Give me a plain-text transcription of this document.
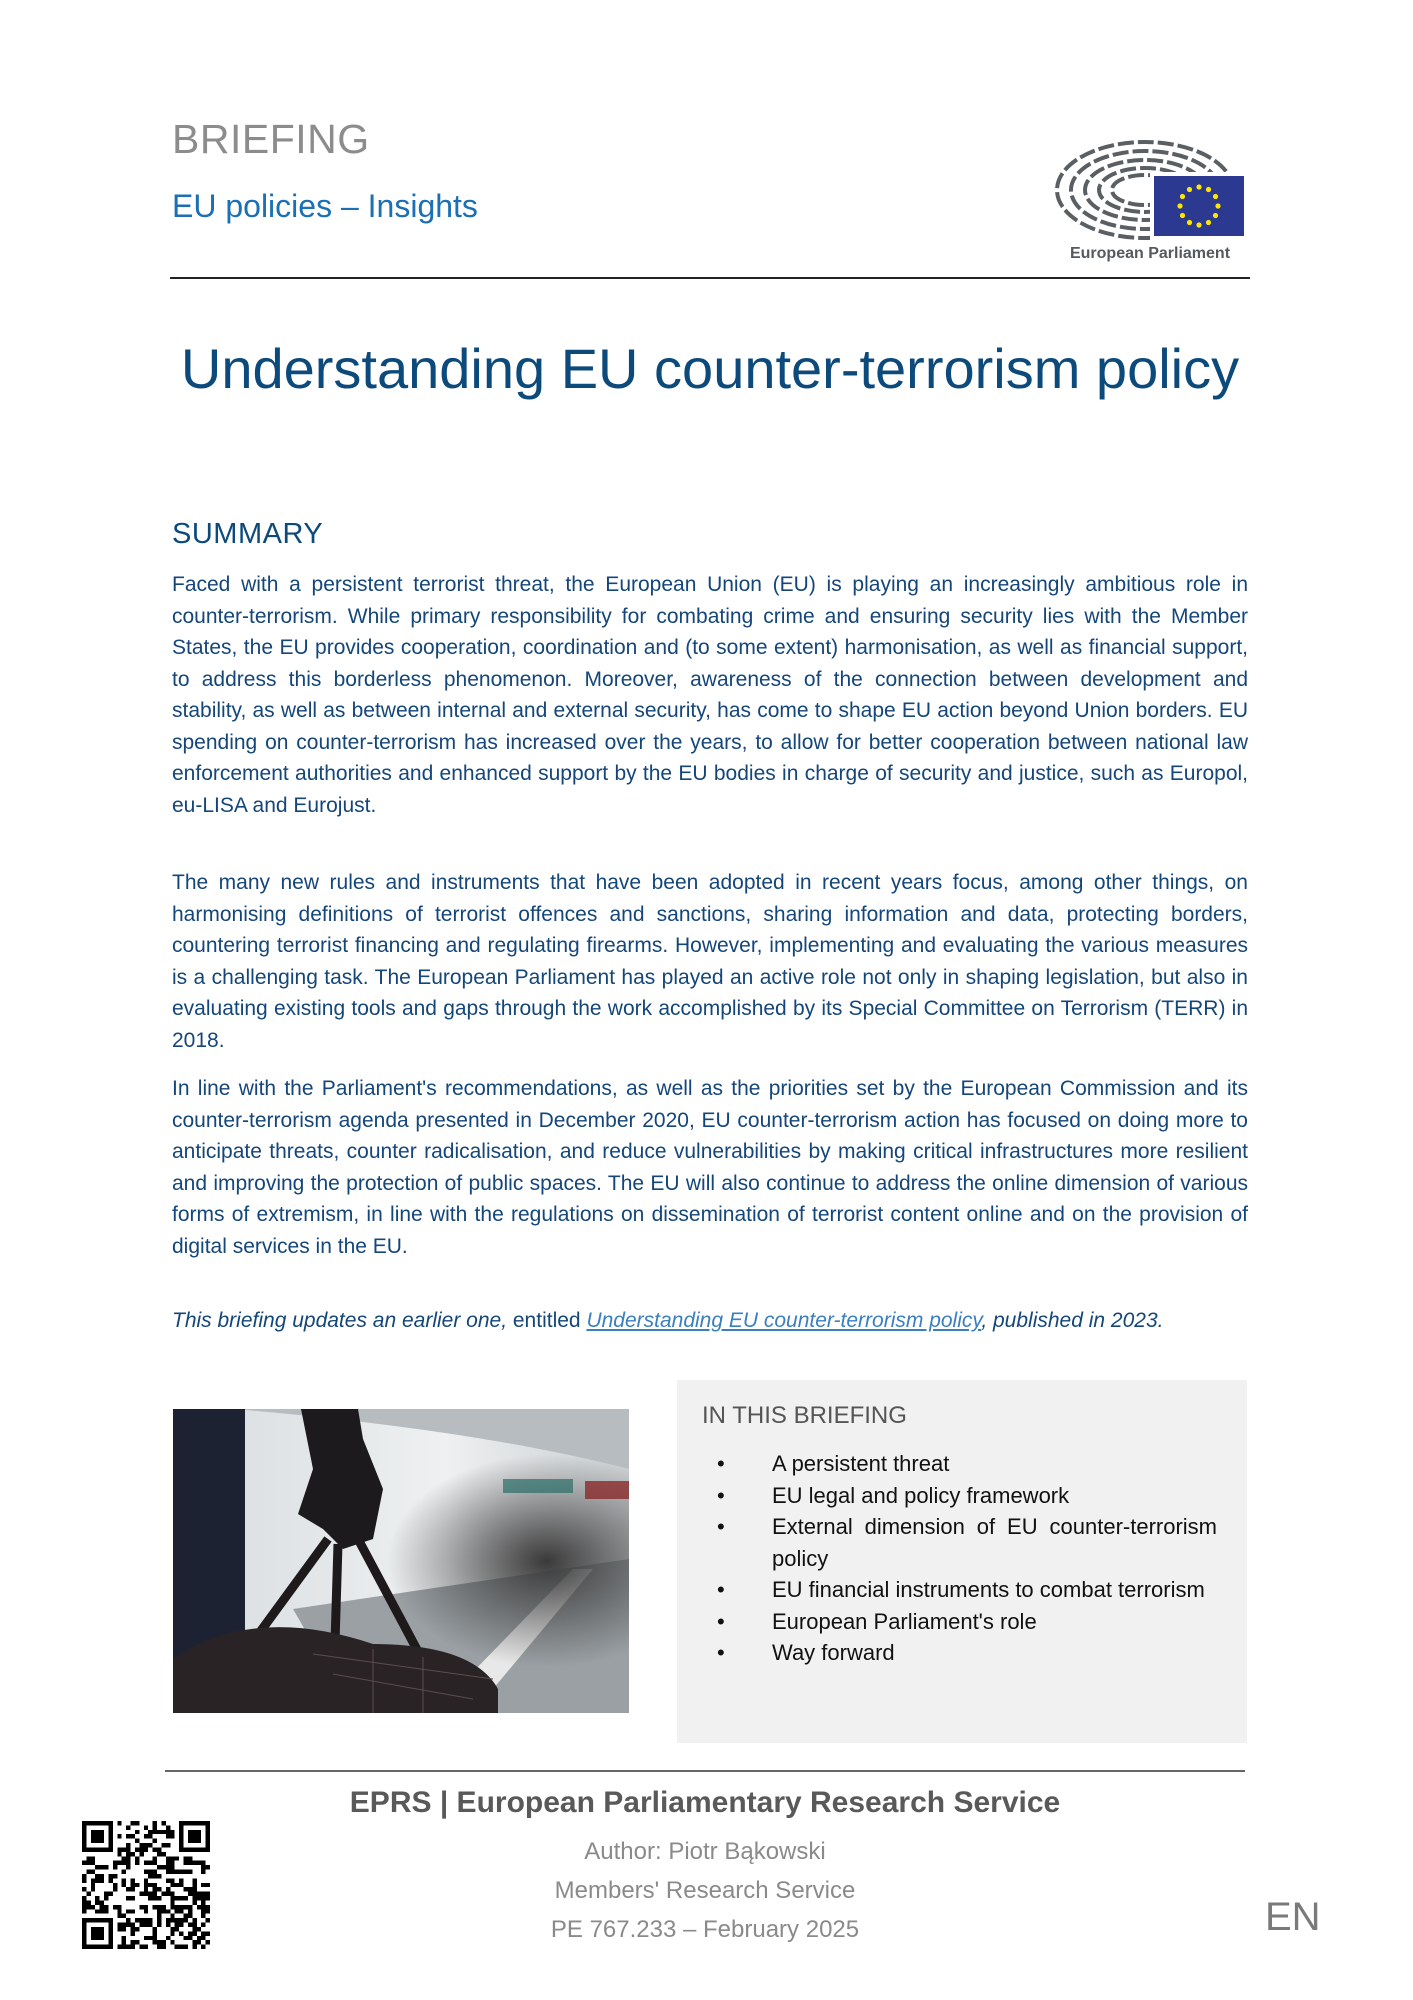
BRIEFING
EU policies – Insights
European Parliament
Understanding EU counter-terrorism policy
SUMMARY

Faced with a persistent terrorist threat, the European Union (EU) is playing an increasingly ambitious role in counter-terrorism. While primary responsibility for combating crime and ensuring security lies with the Member States, the EU provides cooperation, coordination and (to some extent) harmonisation, as well as financial support, to address this borderless phenomenon. Moreover, awareness of the connection between development and stability, as well as between internal and external security, has come to shape EU action beyond Union borders. EU spending on counter-terrorism has increased over the years, to allow for better cooperation between national law enforcement authorities and enhanced support by the EU bodies in charge of security and justice, such as Europol, eu-LISA and Eurojust.

The many new rules and instruments that have been adopted in recent years focus, among other things, on harmonising definitions of terrorist offences and sanctions, sharing information and data, protecting borders, countering terrorist financing and regulating firearms. However, implementing and evaluating the various measures is a challenging task. The European Parliament has played an active role not only in shaping legislation, but also in evaluating existing tools and gaps through the work accomplished by its Special Committee on Terrorism (TERR) in 2018.

In line with the Parliament's recommendations, as well as the priorities set by the European Commission and its counter-terrorism agenda presented in December 2020, EU counter-terrorism action has focused on doing more to anticipate threats, counter radicalisation, and reduce vulnerabilities by making critical infrastructures more resilient and improving the protection of public spaces. The EU will also continue to address the online dimension of various forms of extremism, in line with the regulations on dissemination of terrorist content online and on the provision of digital services in the EU.

This briefing updates an earlier one, entitled Understanding EU counter-terrorism policy, published in 2023.

IN THIS BRIEFING
• A persistent threat
• EU legal and policy framework
• External dimension of EU counter-terrorism policy
• EU financial instruments to combat terrorism
• European Parliament's role
• Way forward
EPRS | European Parliamentary Research Service
Author: Piotr Bąkowski
Members' Research Service
PE 767.233 – February 2025	EN
